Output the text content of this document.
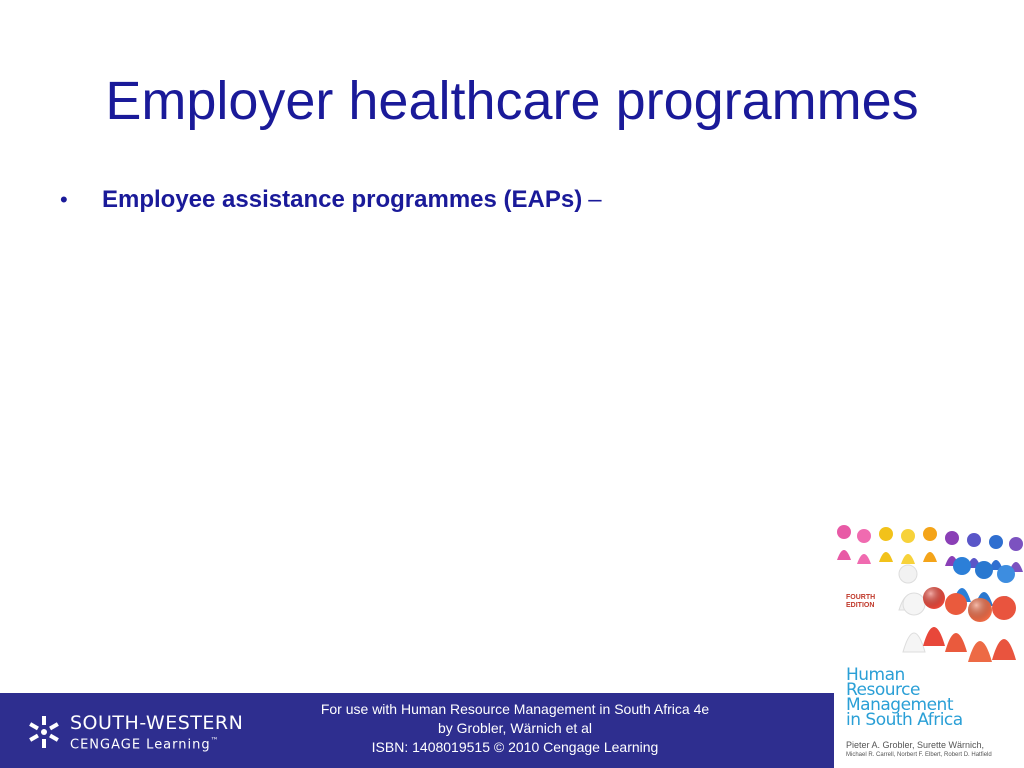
Employer healthcare programmes
•	Employee assistance programmes (EAPs) –
SOUTH-WESTERN
CENGAGE Learning™
For use with Human Resource Management in South Africa 4e
by Grobler, Wärnich et al
ISBN: 1408019515 © 2010 Cengage Learning
FOURTH EDITION
Human Resource Management in South Africa
Pieter A. Grobler, Surette Wärnich,
Michael R. Carrell, Norbert F. Elbert, Robert D. Hatfield
